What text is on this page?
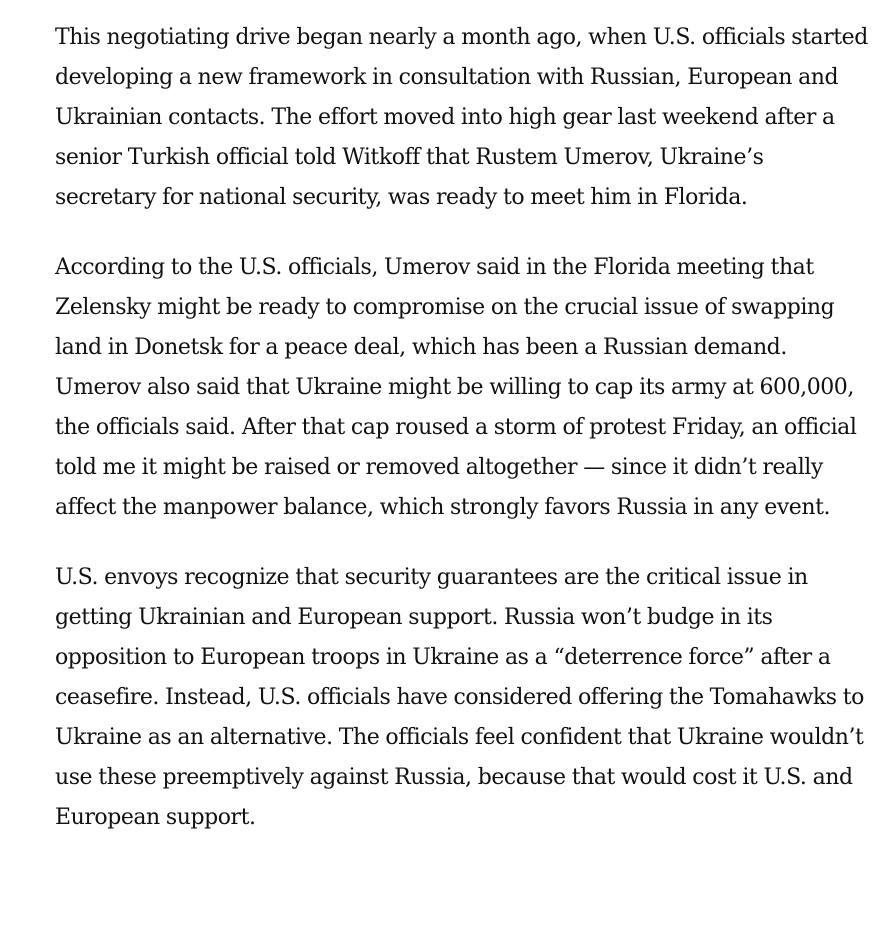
This negotiating drive began nearly a month ago, when U.S. officials started developing a new framework in consultation with Russian, European and Ukrainian contacts. The effort moved into high gear last weekend after a senior Turkish official told Witkoff that Rustem Umerov, Ukraine’s secretary for national security, was ready to meet him in Florida.

According to the U.S. officials, Umerov said in the Florida meeting that Zelensky might be ready to compromise on the crucial issue of swapping land in Donetsk for a peace deal, which has been a Russian demand. Umerov also said that Ukraine might be willing to cap its army at 600,000, the officials said. After that cap roused a storm of protest Friday, an official told me it might be raised or removed altogether — since it didn’t really affect the manpower balance, which strongly favors Russia in any event.

U.S. envoys recognize that security guarantees are the critical issue in getting Ukrainian and European support. Russia won’t budge in its opposition to European troops in Ukraine as a “deterrence force” after a ceasefire. Instead, U.S. officials have considered offering the Tomahawks to Ukraine as an alternative. The officials feel confident that Ukraine wouldn’t use these preemptively against Russia, because that would cost it U.S. and European support.
